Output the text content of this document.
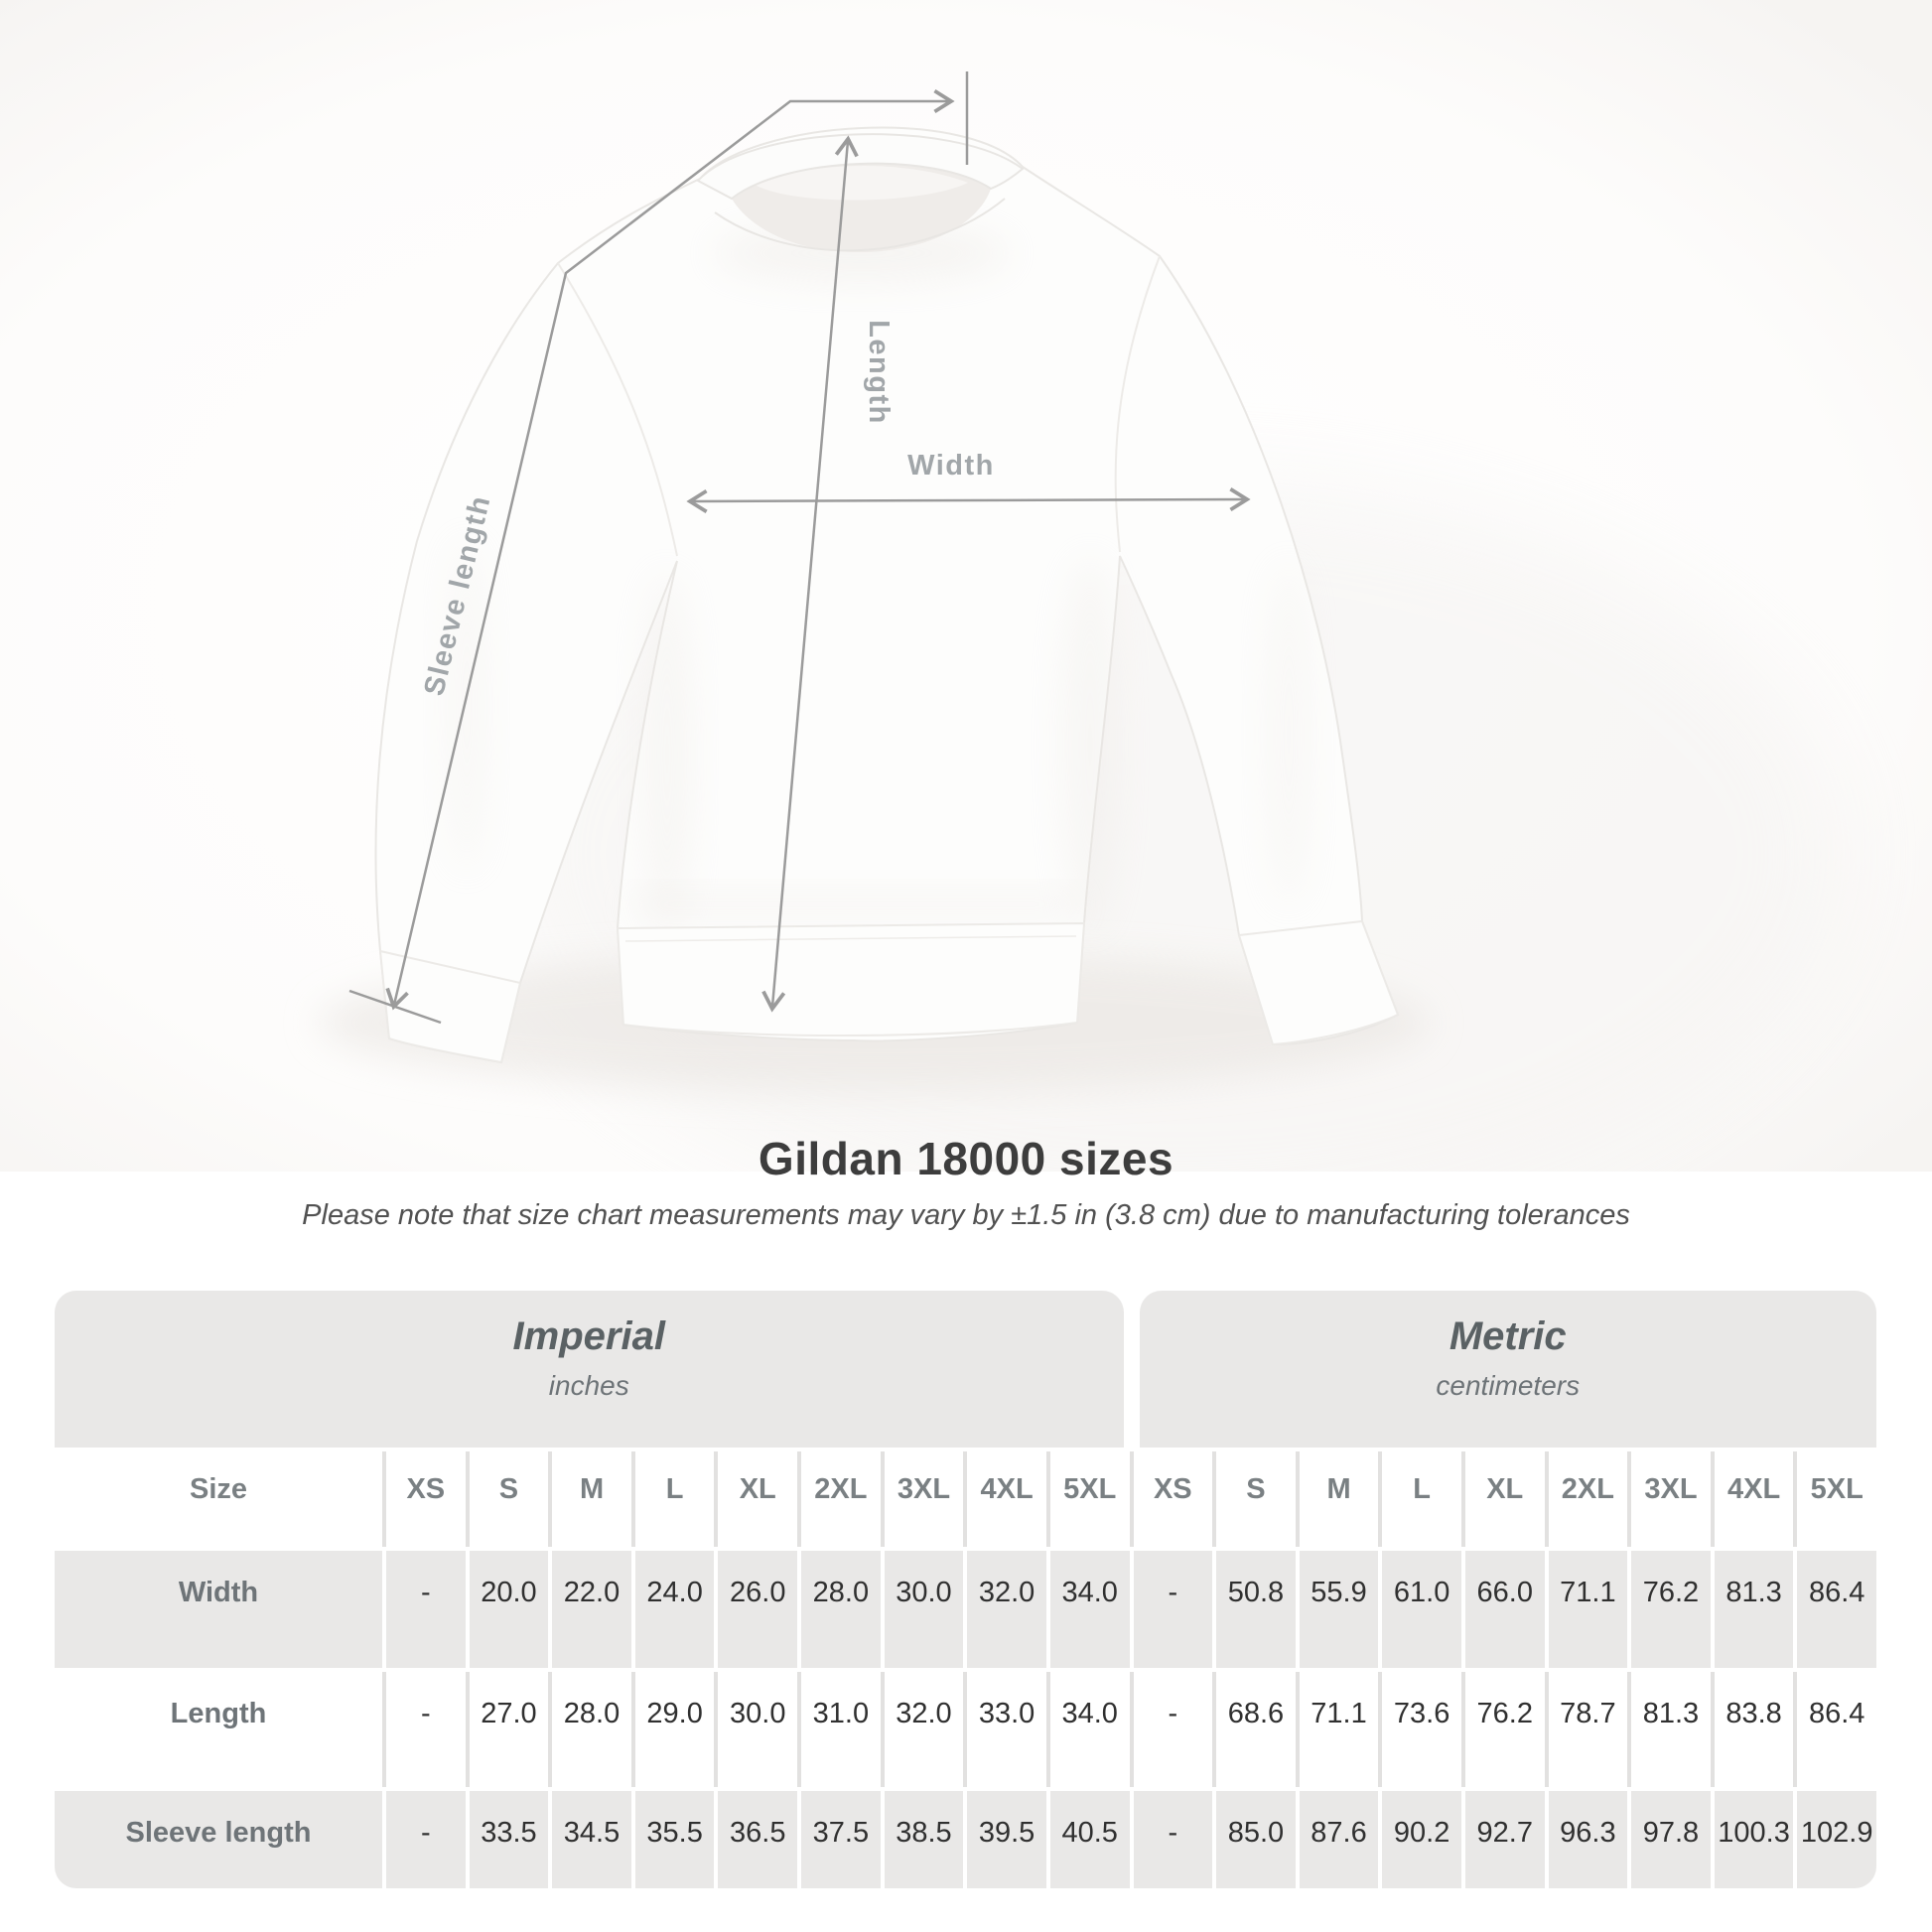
Length
Width
Sleeve length
Gildan 18000 sizes
Please note that size chart measurements may vary by ±1.5 in (3.8 cm) due to manufacturing tolerances
Imperial
inches
Metric
centimeters
Size	XS	S	M	L	XL	2XL	3XL	4XL	5XL	XS	S	M	L	XL	2XL	3XL	4XL	5XL
Width	-	20.0 22.0 24.0 26.0 28.0 30.0 32.0 34.0	-	50.8 55.9 61.0 66.0 71.1 76.2 81.3 86.4
Length	-	27.0 28.0 29.0 30.0 31.0 32.0 33.0 34.0	-	68.6 71.1 73.6 76.2 78.7 81.3 83.8 86.4
Sleeve length	-	33.5 34.5 35.5 36.5 37.5 38.5 39.5 40.5	-	85.0 87.6 90.2 92.7 96.3 97.8 100.3 102.9
